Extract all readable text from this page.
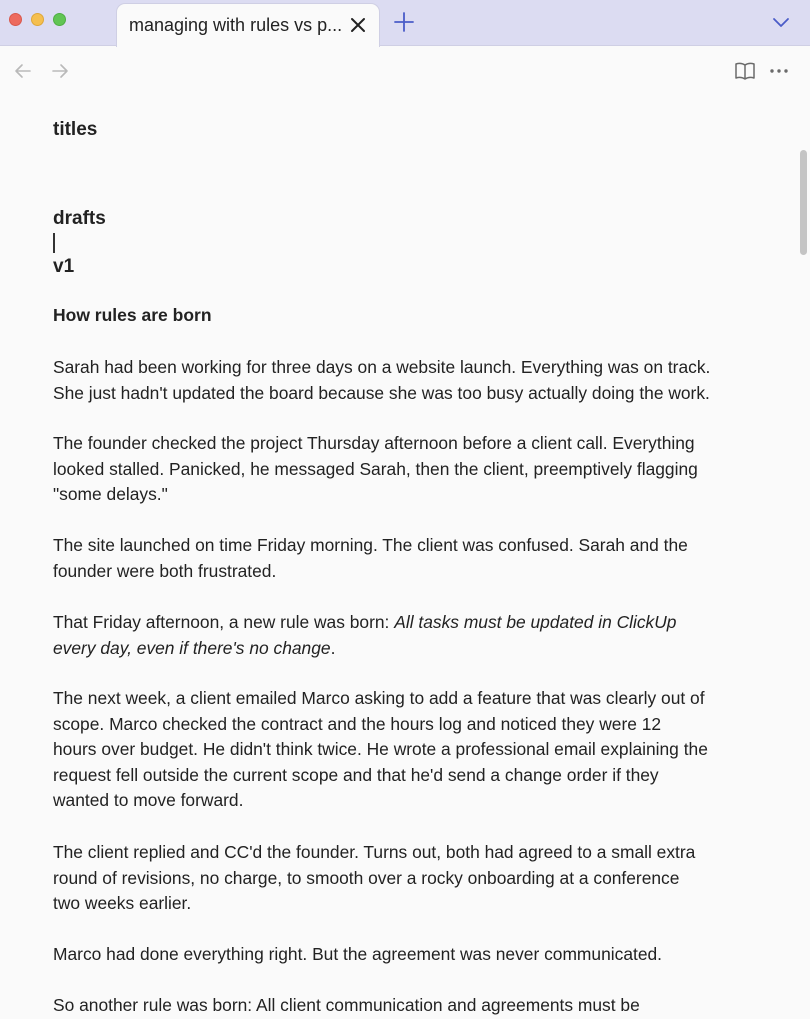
managing with rules vs p...
titles
drafts
v1
How rules are born
Sarah had been working for three days on a website launch. Everything was on track.
She just hadn't updated the board because she was too busy actually doing the work.
The founder checked the project Thursday afternoon before a client call. Everything
looked stalled. Panicked, he messaged Sarah, then the client, preemptively flagging
"some delays."
The site launched on time Friday morning. The client was confused. Sarah and the
founder were both frustrated.
That Friday afternoon, a new rule was born: All tasks must be updated in ClickUp
every day, even if there's no change.
The next week, a client emailed Marco asking to add a feature that was clearly out of
scope. Marco checked the contract and the hours log and noticed they were 12
hours over budget. He didn't think twice. He wrote a professional email explaining the
request fell outside the current scope and that he'd send a change order if they
wanted to move forward.
The client replied and CC'd the founder. Turns out, both had agreed to a small extra
round of revisions, no charge, to smooth over a rocky onboarding at a conference
two weeks earlier.
Marco had done everything right. But the agreement was never communicated.
So another rule was born: All client communication and agreements must be
